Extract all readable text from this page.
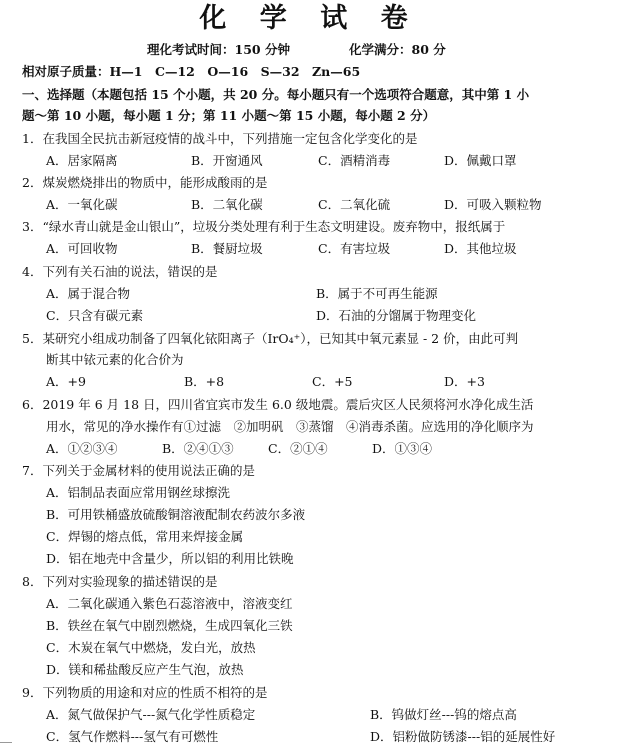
化 学 试 卷
理化考试时间：150 分钟	化学满分：80 分
相对原子质量：H—1　C—12　O—16　S—32　Zn—65
一、选择题（本题包括 15 个小题，共 20 分。每小题只有一个选项符合题意，其中第 1 小
题～第 10 小题，每小题 1 分；第 11 小题～第 15 小题，每小题 2 分）
1．在我国全民抗击新冠疫情的战斗中，下列措施一定包含化学变化的是
A．居家隔离	B．开窗通风	C．酒精消毒	D．佩戴口罩
2．煤炭燃烧排出的物质中，能形成酸雨的是
A．一氧化碳	B．二氧化碳	C．二氧化硫	D．可吸入颗粒物
3．“绿水青山就是金山银山”，垃圾分类处理有利于生态文明建设。废弃物中，报纸属于
A．可回收物	B．餐厨垃圾	C．有害垃圾	D．其他垃圾
4．下列有关石油的说法，错误的是
A．属于混合物	B．属于不可再生能源
C．只含有碳元素	D．石油的分馏属于物理变化
5．某研究小组成功制备了四氧化铱阳离子（IrO₄⁺），已知其中氧元素显 - 2 价，由此可判
断其中铱元素的化合价为
A．+9	B．+8	C．+5	D．+3
6．2019 年 6 月 18 日，四川省宜宾市发生 6.0 级地震。震后灾区人民须将河水净化成生活
用水，常见的净水操作有①过滤　②加明矾　③蒸馏　④消毒杀菌。应选用的净化顺序为
A．①②③④	B．②④①③	C．②①④	D．①③④
7．下列关于金属材料的使用说法正确的是
A．铝制品表面应常用钢丝球擦洗
B．可用铁桶盛放硫酸铜溶液配制农药波尔多液
C．焊锡的熔点低，常用来焊接金属
D．铝在地壳中含量少，所以铝的利用比铁晚
8．下列对实验现象的描述错误的是
A．二氧化碳通入紫色石蕊溶液中，溶液变红
B．铁丝在氧气中剧烈燃烧，生成四氧化三铁
C．木炭在氧气中燃烧，发白光，放热
D．镁和稀盐酸反应产生气泡，放热
9．下列物质的用途和对应的性质不相符的是
A．氮气做保护气---氮气化学性质稳定	B．钨做灯丝---钨的熔点高
C．氢气作燃料---氢气有可燃性	D．铝粉做防锈漆---铝的延展性好
